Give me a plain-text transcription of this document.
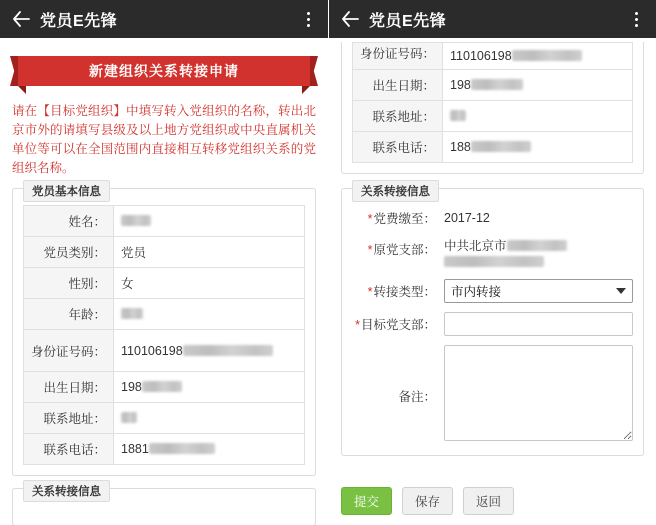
党员E先锋
新建组织关系转接申请
请在【目标党组织】中填写转入党组织的名称，转出北京市外的请填写县级及以上地方党组织或中央直属机关单位等可以在全国范围内直接相互转移党组织关系的党组织名称。
党员基本信息
姓名：	
党员类别：	党员
性别：	女
年龄：	
身份证号码：	110106198
出生日期：	198
联系地址：	
联系电话：	1881
关系转接信息
党员E先锋
身份证号码：	110106198
出生日期：	198
联系地址：	
联系电话：	188
关系转接信息
*党费缴至： 2017-12
*原党支部： 中共北京市

*转接类型：	市内转接
*目标党支部：
备注：
提交	保存	返回
